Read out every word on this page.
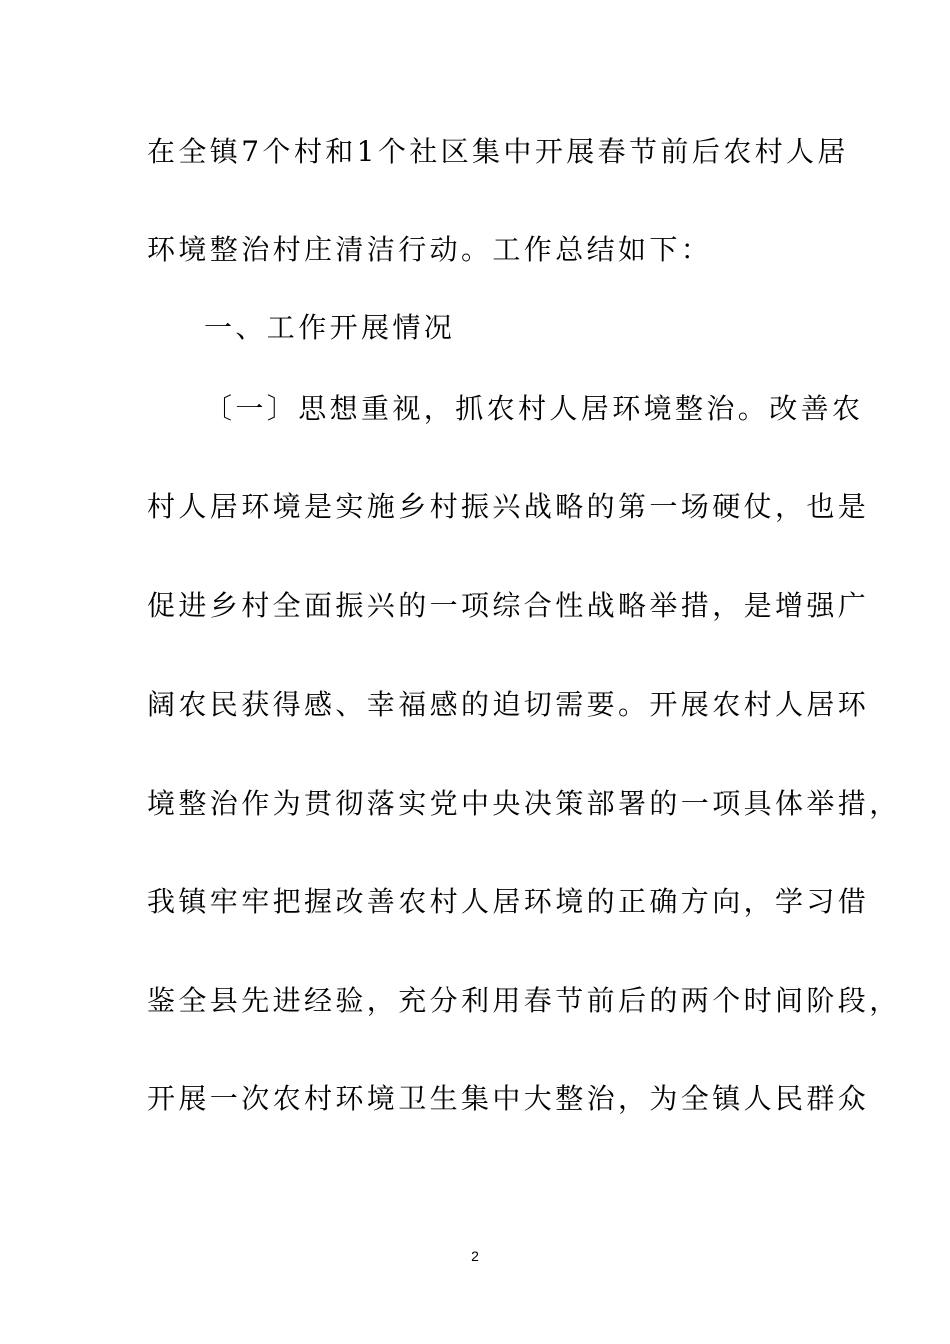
在全镇7个村和1个社区集中开展春节前后农村人居
环境整治村庄清洁行动。工作总结如下：
一、工作开展情况
〔一〕思想重视，抓农村人居环境整治。改善农
村人居环境是实施乡村振兴战略的第一场硬仗，也是
促进乡村全面振兴的一项综合性战略举措，是增强广
阔农民获得感、幸福感的迫切需要。开展农村人居环
境整治作为贯彻落实党中央决策部署的一项具体举措，
我镇牢牢把握改善农村人居环境的正确方向，学习借
鉴全县先进经验，充分利用春节前后的两个时间阶段，
开展一次农村环境卫生集中大整治，为全镇人民群众
2
